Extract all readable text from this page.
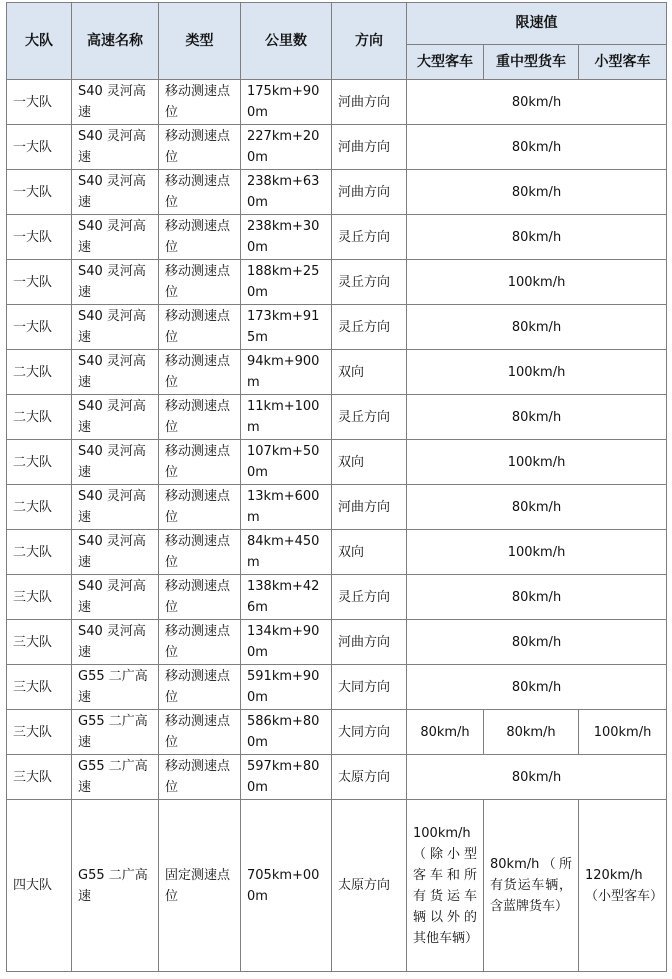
大队	高速名称	类型	公里数	方向	限速值		
					大型客车	重中型货车	小型客车
一大队	S40 灵河高速	移动测速点位	175km+900m	河曲方向	80km/h		
一大队	S40 灵河高速	移动测速点位	227km+200m	河曲方向	80km/h		
一大队	S40 灵河高速	移动测速点位	238km+630m	河曲方向	80km/h		
一大队	S40 灵河高速	移动测速点位	238km+300m	灵丘方向	80km/h		
一大队	S40 灵河高速	移动测速点位	188km+250m	灵丘方向	100km/h		
一大队	S40 灵河高速	移动测速点位	173km+915m	灵丘方向	80km/h		
二大队	S40 灵河高速	移动测速点位	94km+900m	双向	100km/h		
二大队	S40 灵河高速	移动测速点位	11km+100m	灵丘方向	80km/h		
二大队	S40 灵河高速	移动测速点位	107km+500m	双向	100km/h		
二大队	S40 灵河高速	移动测速点位	13km+600m	河曲方向	80km/h		
二大队	S40 灵河高速	移动测速点位	84km+450m	双向	100km/h		
三大队	S40 灵河高速	移动测速点位	138km+426m	灵丘方向	80km/h		
三大队	S40 灵河高速	移动测速点位	134km+900m	河曲方向	80km/h		
三大队	G55 二广高速	移动测速点位	591km+900m	大同方向	80km/h		
三大队	G55 二广高速	移动测速点位	586km+800m	大同方向	80km/h	80km/h	100km/h
三大队	G55 二广高速	移动测速点位	597km+800m	太原方向	80km/h		
四大队	G55 二广高速	固定测速点位	705km+000m	太原方向	100km/h（除小型客车和所有货运车辆以外的其他车辆）	80km/h（所有货运车辆，含蓝牌货车）	120km/h（小型客车）
